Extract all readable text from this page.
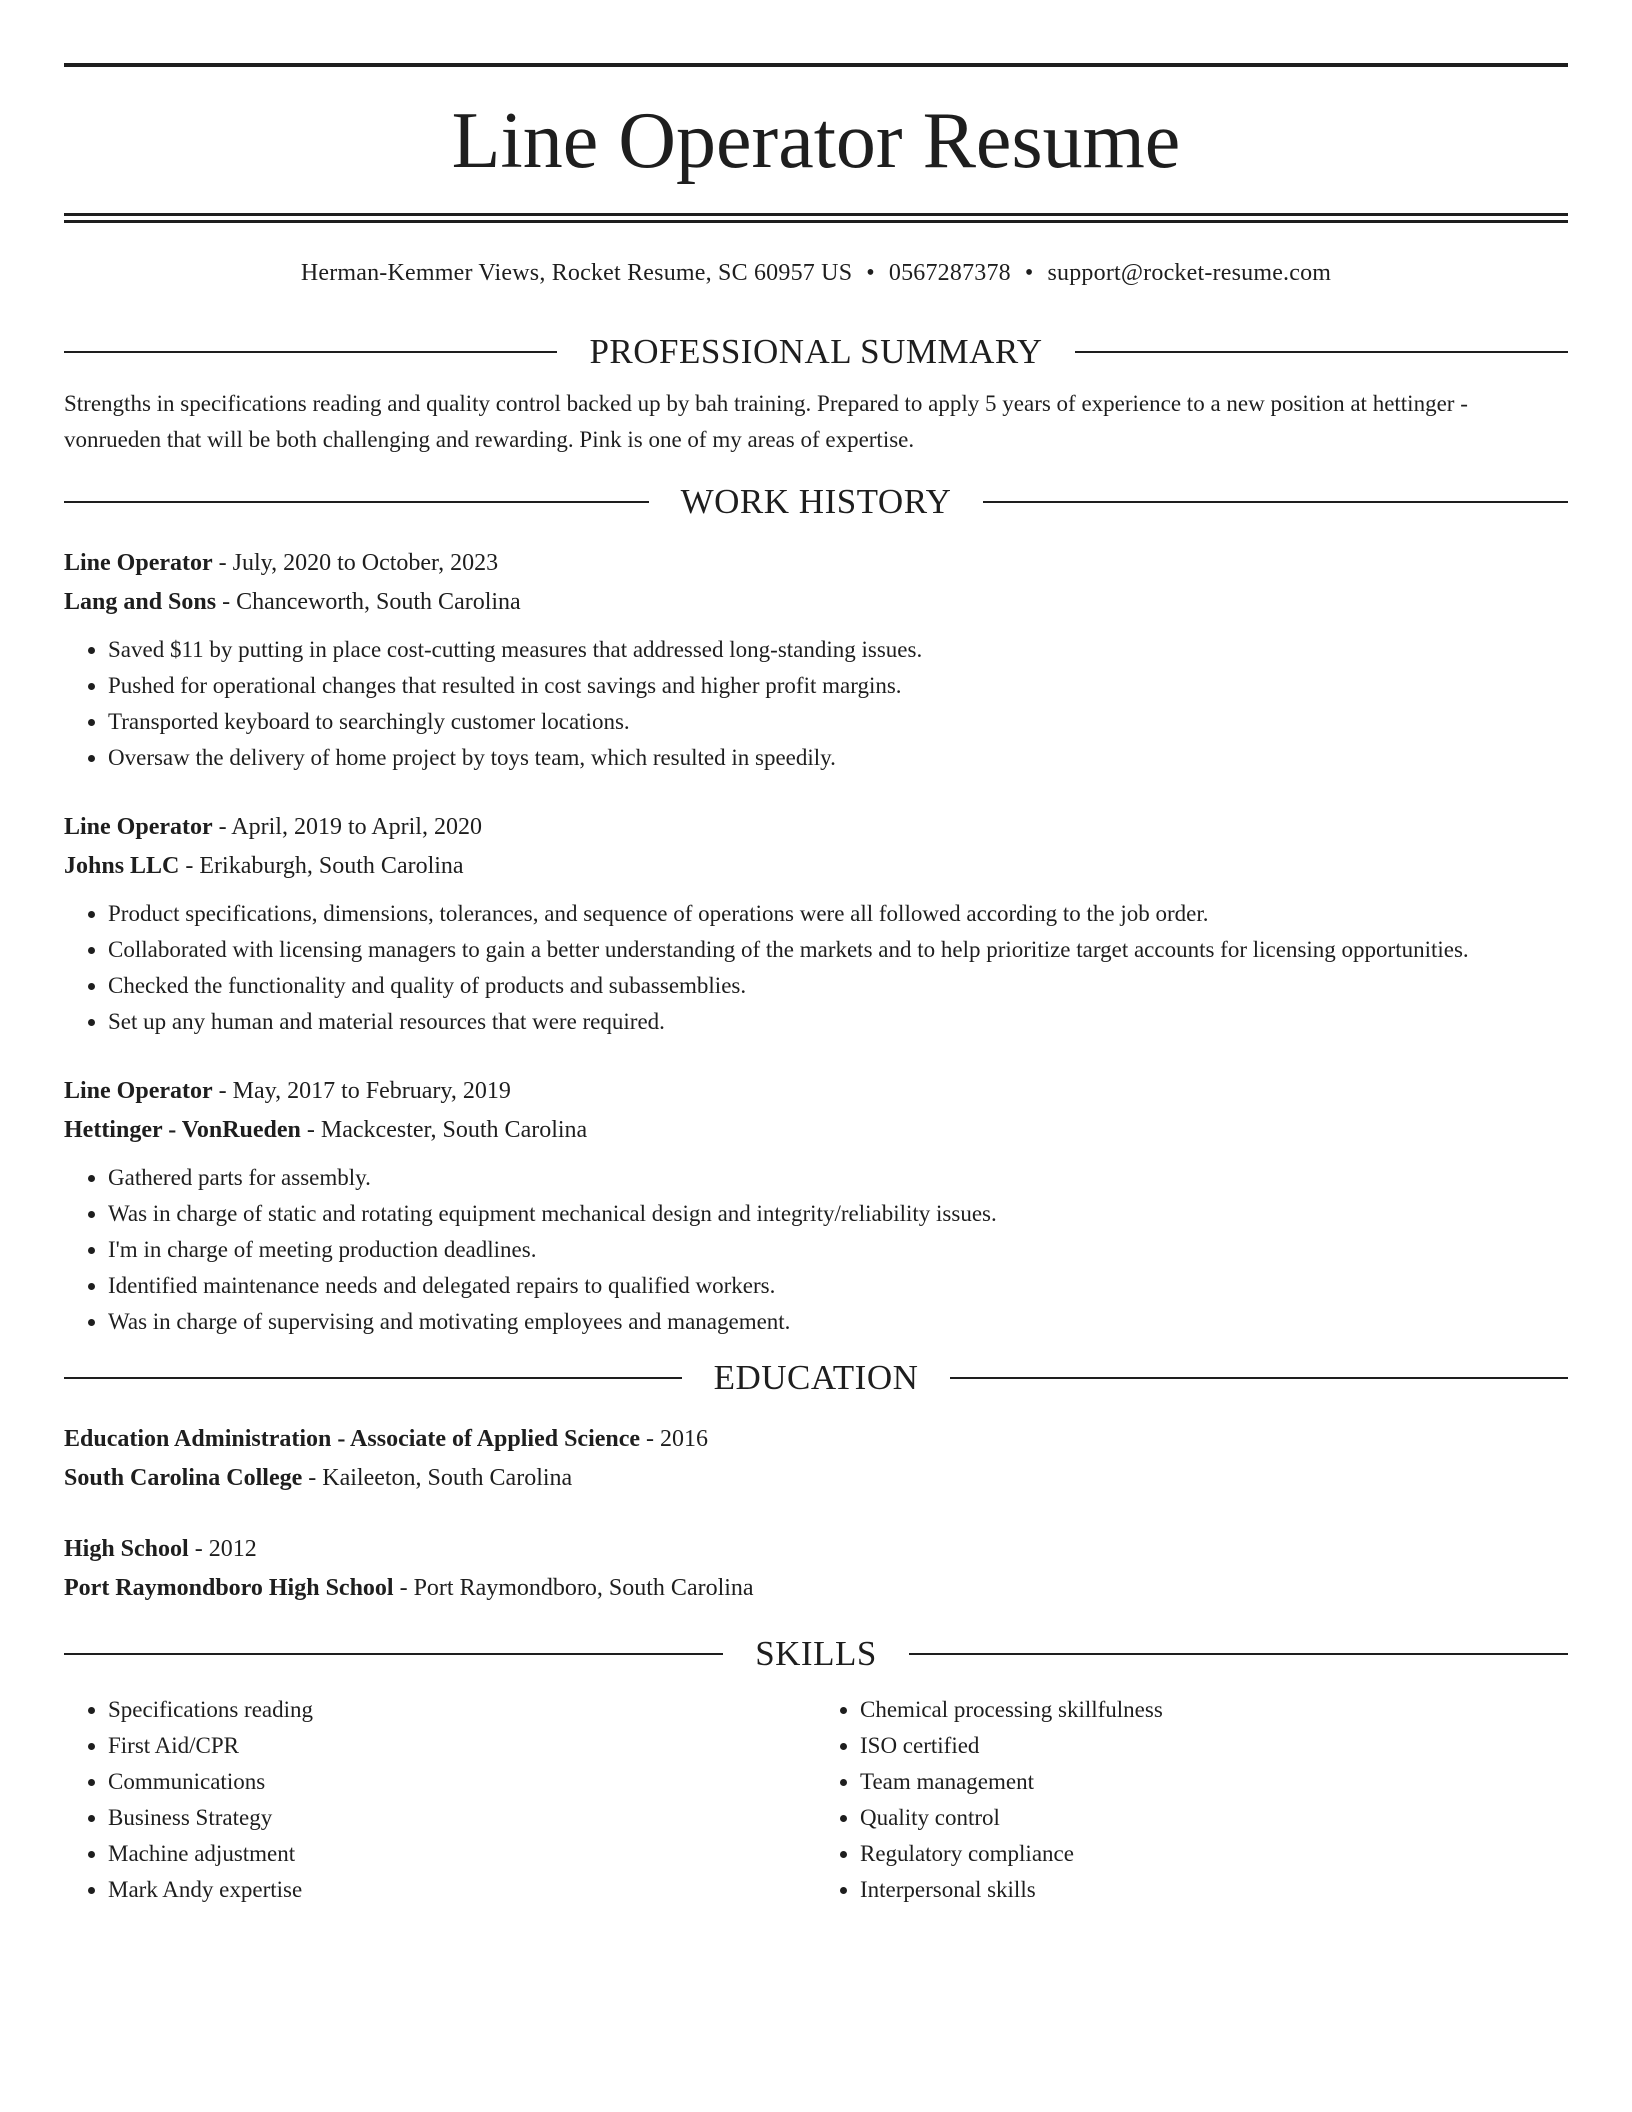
Line Operator Resume
Herman-Kemmer Views, Rocket Resume, SC 60957 US • 0567287378 • support@rocket-resume.com
PROFESSIONAL SUMMARY
Strengths in specifications reading and quality control backed up by bah training. Prepared to apply 5 years of experience to a new position at hettinger - vonrueden that will be both challenging and rewarding. Pink is one of my areas of expertise.
WORK HISTORY
Line Operator - July, 2020 to October, 2023
Lang and Sons - Chanceworth, South Carolina
• Saved $11 by putting in place cost-cutting measures that addressed long-standing issues.
• Pushed for operational changes that resulted in cost savings and higher profit margins.
• Transported keyboard to searchingly customer locations.
• Oversaw the delivery of home project by toys team, which resulted in speedily.
Line Operator - April, 2019 to April, 2020
Johns LLC - Erikaburgh, South Carolina
• Product specifications, dimensions, tolerances, and sequence of operations were all followed according to the job order.
• Collaborated with licensing managers to gain a better understanding of the markets and to help prioritize target accounts for licensing opportunities.
• Checked the functionality and quality of products and subassemblies.
• Set up any human and material resources that were required.
Line Operator - May, 2017 to February, 2019
Hettinger - VonRueden - Mackcester, South Carolina
• Gathered parts for assembly.
• Was in charge of static and rotating equipment mechanical design and integrity/reliability issues.
• I'm in charge of meeting production deadlines.
• Identified maintenance needs and delegated repairs to qualified workers.
• Was in charge of supervising and motivating employees and management.
EDUCATION
Education Administration - Associate of Applied Science - 2016
South Carolina College - Kaileeton, South Carolina
High School - 2012
Port Raymondboro High School - Port Raymondboro, South Carolina
SKILLS
• Specifications reading
• First Aid/CPR
• Communications
• Business Strategy
• Machine adjustment
• Mark Andy expertise
• Chemical processing skillfulness
• ISO certified
• Team management
• Quality control
• Regulatory compliance
• Interpersonal skills
